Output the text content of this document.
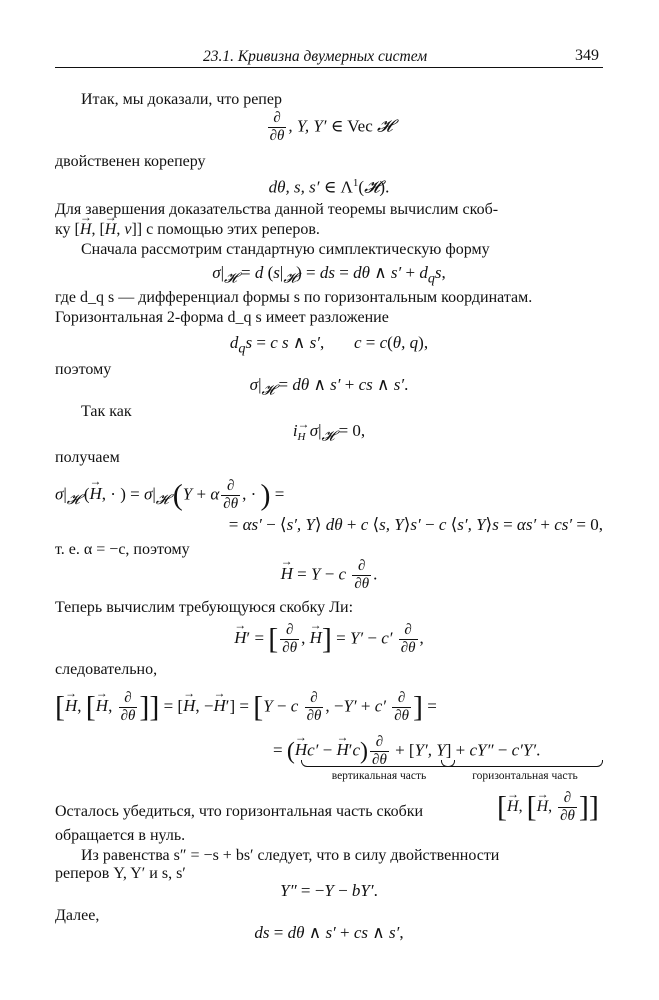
23.1. Кривизна двумерных систем	349
Итак, мы доказали, что репер
∂
∂θ
, Y, Y′ ∈ Vec 𝓗
двойственен кореперу
dθ, s, s′ ∈ $\Lambda^1(𝓗)$.
Для завершения доказательства данной теоремы вычислим скоб-
ку [→ H, [→ H, v]] с помощью этих реперов.
Сначала рассмотрим стандартную симплектическую форму
$\sigma|_𝓗 = d$ $(s|_𝓗)$ = ds = dθ ∧ $s' + d_qs$,
где d_q s — дифференциал формы s по горизонтальным координатам.
Горизонтальная 2-форма d_q s имеет разложение
$d_qs = c$ s ∧ s′,       c = c(θ, q),
поэтому
$\sigma|_𝓗 = d\theta$ ∧ s′ + cs ∧ s′.
Так как
i→ $_H$ $\sigma|_𝓗 = 0$,
получаем
$\sigma|_𝓗$ (→ H, · ) = $\sigma|_𝓗$ (Y + α ∂
∂θ
, · ) =
= αs′ − ⟨s′, Y⟩ dθ + c ⟨s, Y⟩s′ − c ⟨s′, Y⟩s = αs′ + cs′ = 0,
т. е. α = −c, поэтому
→ H = Y − c ∂
∂θ
.
Теперь вычислим требующуюся скобку Ли:
→ H′ = [ ∂
∂θ
, → H] = Y′ − c′ ∂
∂θ
,
следовательно,
[→ H, [→ H, ∂
∂θ ]] = [→ H, −→ H′] = [Y − c ∂
∂θ
, −Y′ + c′ ∂
∂θ ] =
= (→ Hc′ − → H′c) ∂
∂θ
+ [Y′, Y] + cY″ − c′Y′.
вертикальная часть	горизонтальная часть
Осталось убедиться, что горизонтальная часть скобки [→ H, [→ H,
∂
∂θ ]]
обращается в нуль.
Из равенства s″ = −s + bs′ следует, что в силу двойственности
реперов Y, Y′ и s, s′
Y″ = −Y − bY′.
Далее,
ds = dθ ∧ s′ + cs ∧ s′,
